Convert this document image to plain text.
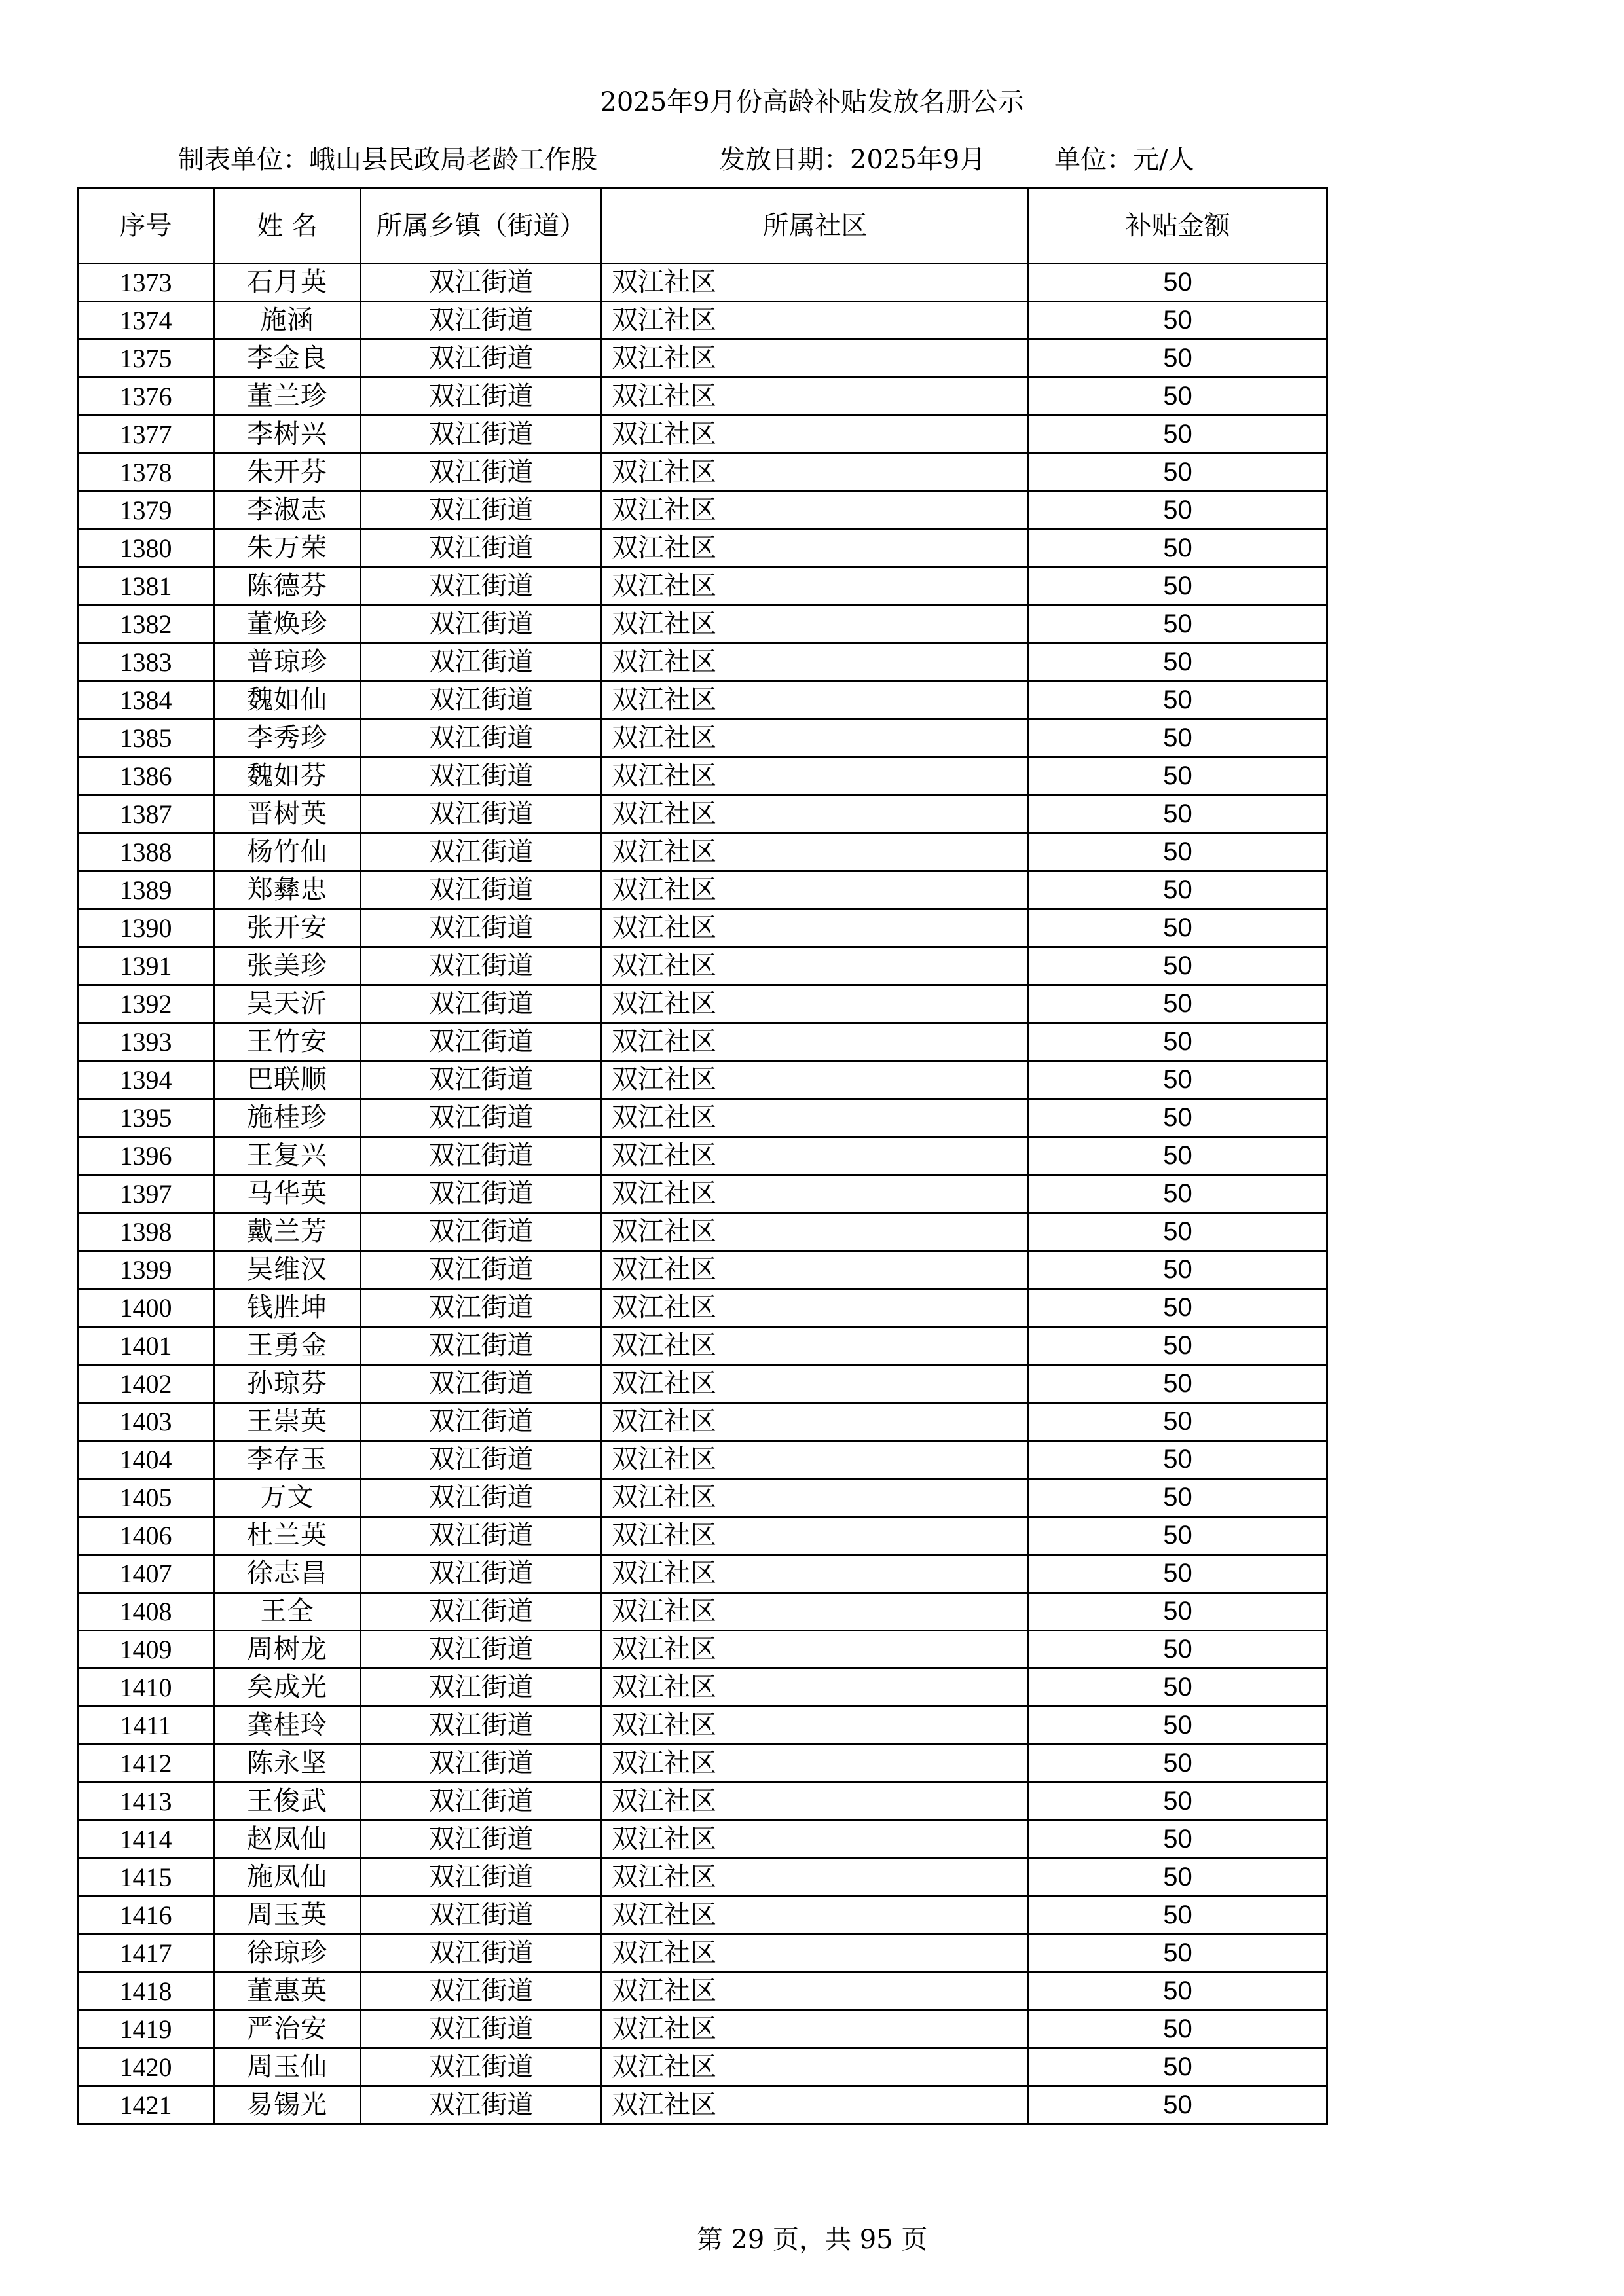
2025年9月份高龄补贴发放名册公示
制表单位：峨山县民政局老龄工作股	发放日期：2025年9月	单位：元/人
序号	姓 名	所属乡镇（街道）	所属社区	补贴金额
1373	石月英	双江街道	双江社区	50
1374	施涵	双江街道	双江社区	50
1375	李金良	双江街道	双江社区	50
1376	董兰珍	双江街道	双江社区	50
1377	李树兴	双江街道	双江社区	50
1378	朱开芬	双江街道	双江社区	50
1379	李淑志	双江街道	双江社区	50
1380	朱万荣	双江街道	双江社区	50
1381	陈德芬	双江街道	双江社区	50
1382	董焕珍	双江街道	双江社区	50
1383	普琼珍	双江街道	双江社区	50
1384	魏如仙	双江街道	双江社区	50
1385	李秀珍	双江街道	双江社区	50
1386	魏如芬	双江街道	双江社区	50
1387	晋树英	双江街道	双江社区	50
1388	杨竹仙	双江街道	双江社区	50
1389	郑彝忠	双江街道	双江社区	50
1390	张开安	双江街道	双江社区	50
1391	张美珍	双江街道	双江社区	50
1392	吴天沂	双江街道	双江社区	50
1393	王竹安	双江街道	双江社区	50
1394	巴联顺	双江街道	双江社区	50
1395	施桂珍	双江街道	双江社区	50
1396	王复兴	双江街道	双江社区	50
1397	马华英	双江街道	双江社区	50
1398	戴兰芳	双江街道	双江社区	50
1399	吴维汉	双江街道	双江社区	50
1400	钱胜坤	双江街道	双江社区	50
1401	王勇金	双江街道	双江社区	50
1402	孙琼芬	双江街道	双江社区	50
1403	王崇英	双江街道	双江社区	50
1404	李存玉	双江街道	双江社区	50
1405	万文	双江街道	双江社区	50
1406	杜兰英	双江街道	双江社区	50
1407	徐志昌	双江街道	双江社区	50
1408	王全	双江街道	双江社区	50
1409	周树龙	双江街道	双江社区	50
1410	矣成光	双江街道	双江社区	50
1411	龚桂玲	双江街道	双江社区	50
1412	陈永坚	双江街道	双江社区	50
1413	王俊武	双江街道	双江社区	50
1414	赵凤仙	双江街道	双江社区	50
1415	施凤仙	双江街道	双江社区	50
1416	周玉英	双江街道	双江社区	50
1417	徐琼珍	双江街道	双江社区	50
1418	董惠英	双江街道	双江社区	50
1419	严治安	双江街道	双江社区	50
1420	周玉仙	双江街道	双江社区	50
1421	易锡光	双江街道	双江社区	50
第 29 页，共 95 页
